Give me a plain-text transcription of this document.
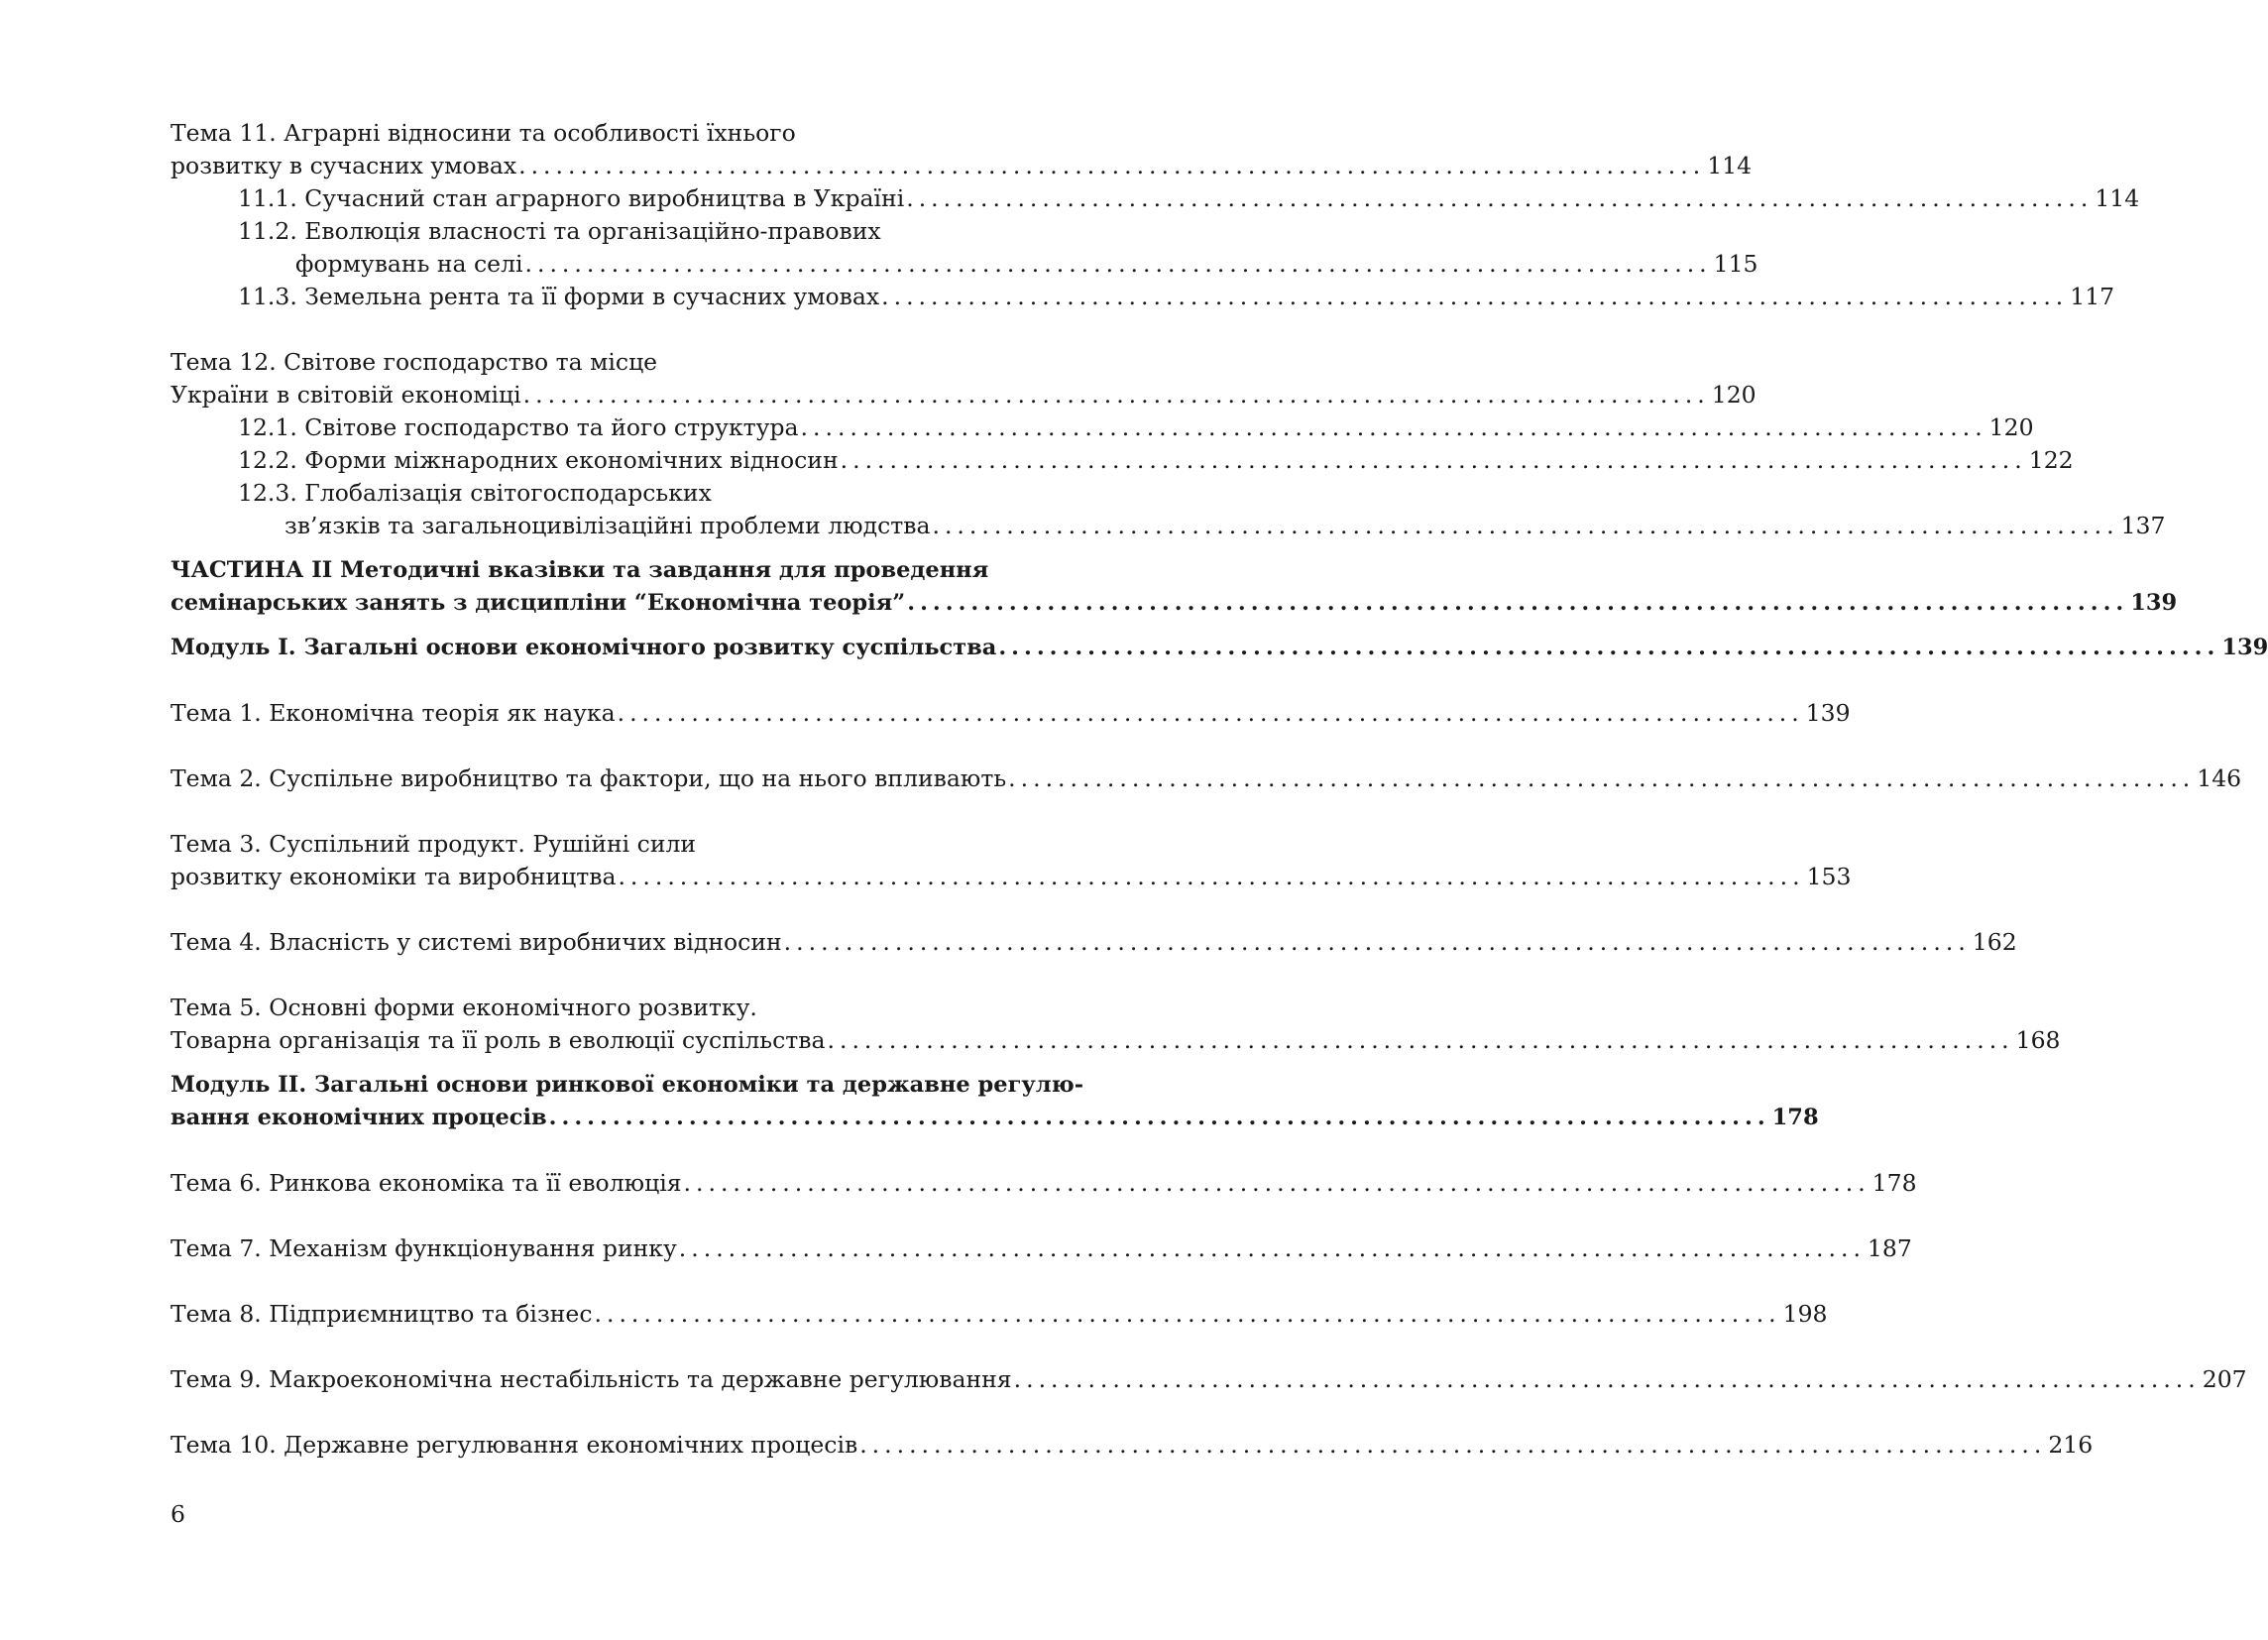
Тема 11. Аграрні відносини та особливості їхнього
розвитку в сучасних умовах ................................................................................................ 114
11.1. Сучасний стан аграрного виробництва в Україні ................................................................................................ 114
11.2. Еволюція власності та організаційно-правових
формувань на селі ................................................................................................ 115
11.3. Земельна рента та її форми в сучасних умовах ................................................................................................ 117
Тема 12. Світове господарство та місце
України в світовій економіці ................................................................................................ 120
12.1. Світове господарство та його структура ................................................................................................ 120
12.2. Форми міжнародних економічних відносин ................................................................................................ 122
12.3. Глобалізація світогосподарських
зв’язків та загальноцивілізаційні проблеми людства ................................................................................................ 137
ЧАСТИНА ІІ Методичні вказівки та завдання для проведення
семінарських занять з дисципліни “Економічна теорія” ................................................................................................ 139
Модуль І. Загальні основи економічного розвитку суспільства ................................................................................................ 139
Тема 1. Економічна теорія як наука ................................................................................................ 139
Тема 2. Суспільне виробництво та фактори, що на нього впливають ................................................................................................ 146
Тема 3. Суспільний продукт. Рушійні сили
розвитку економіки та виробництва ................................................................................................ 153
Тема 4. Власність у системі виробничих відносин ................................................................................................ 162
Тема 5. Основні форми економічного розвитку.
Товарна організація та її роль в еволюції суспільства ................................................................................................ 168
Модуль ІІ. Загальні основи ринкової економіки та державне регулю-
вання економічних процесів ................................................................................................ 178
Тема 6. Ринкова економіка та її еволюція ................................................................................................ 178
Тема 7. Механізм функціонування ринку ................................................................................................ 187
Тема 8. Підприємництво та бізнес ................................................................................................ 198
Тема 9. Макроекономічна нестабільність та державне регулювання ................................................................................................ 207
Тема 10. Державне регулювання економічних процесів ................................................................................................ 216
6
